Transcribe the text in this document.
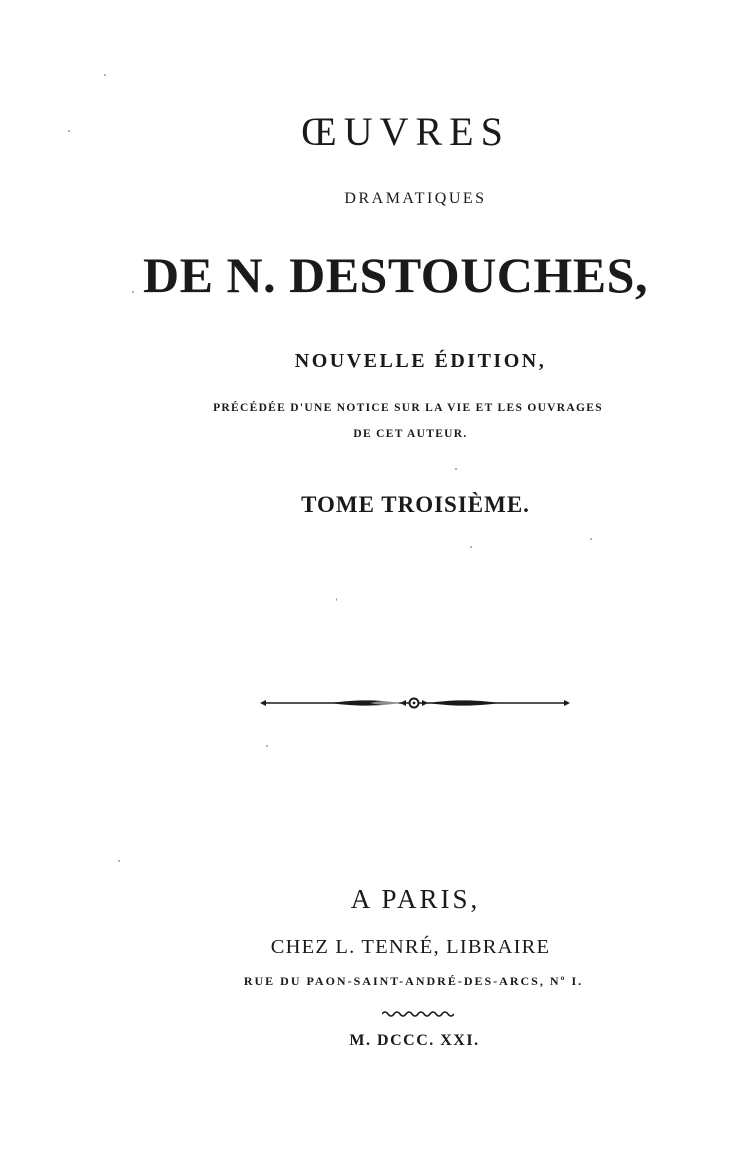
ŒUVRES
DRAMATIQUES
DE N. DESTOUCHES,
NOUVELLE ÉDITION,
PRÉCÉDÉE D'UNE NOTICE SUR LA VIE ET LES OUVRAGES
DE CET AUTEUR.
TOME TROISIÈME.
A PARIS,
CHEZ L. TENRÉ, LIBRAIRE
RUE DU PAON-SAINT-ANDRÉ-DES-ARCS, Nº I.
M. DCCC. XXI.
